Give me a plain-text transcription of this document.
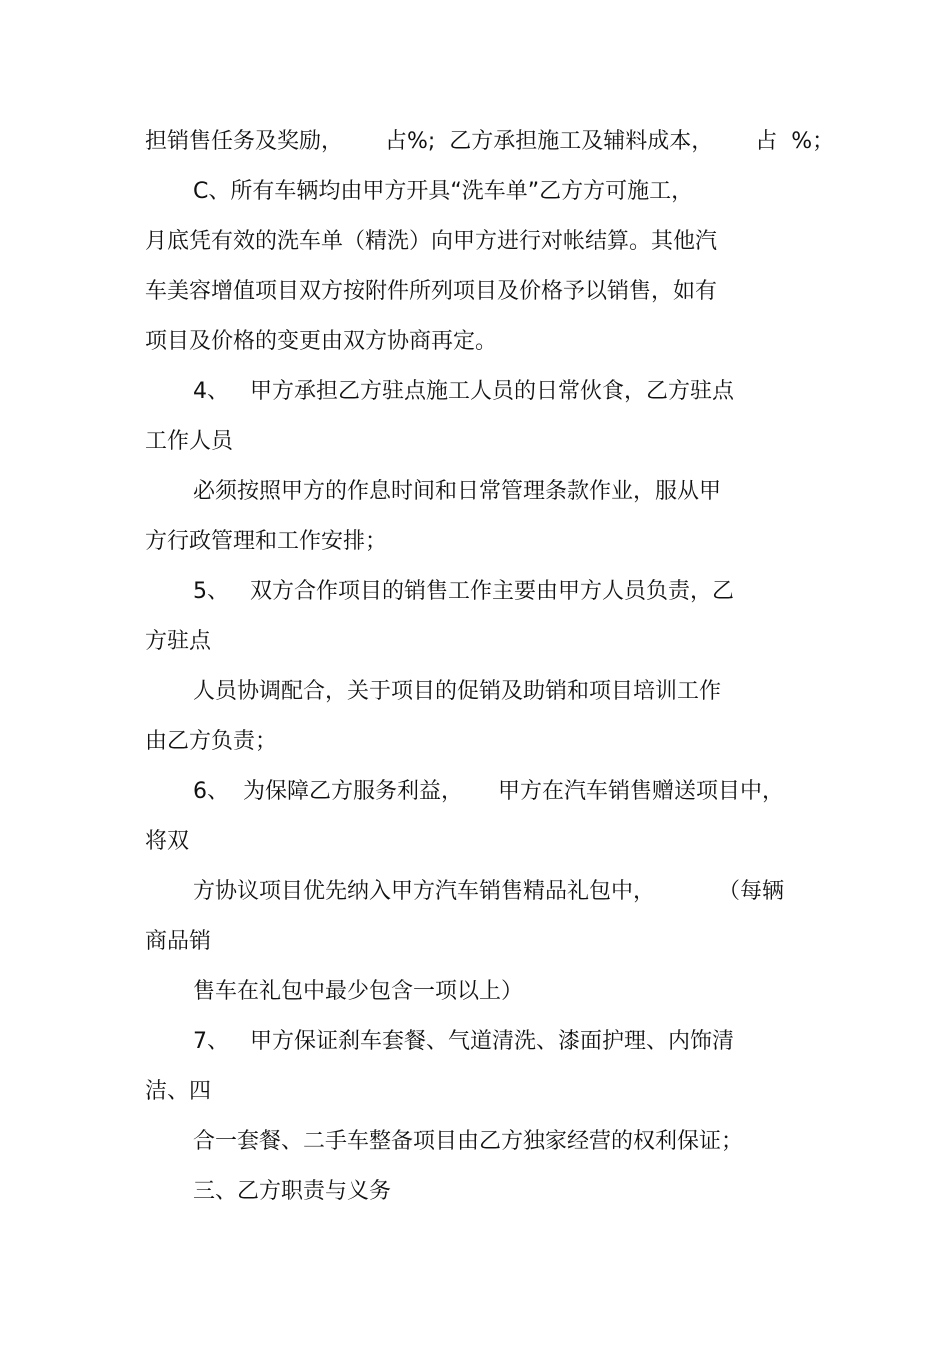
担销售任务及奖励，      占%;  乙方承担施工及辅料成本，      占  %；
C、所有车辆均由甲方开具“洗车单”乙方方可施工，
月底凭有效的洗车单（精洗）向甲方进行对帐结算。其他汽
车美容增值项目双方按附件所列项目及价格予以销售，如有
项目及价格的变更由双方协商再定。
4、   甲方承担乙方驻点施工人员的日常伙食，乙方驻点
工作人员
必须按照甲方的作息时间和日常管理条款作业，服从甲
方行政管理和工作安排；
5、   双方合作项目的销售工作主要由甲方人员负责，乙
方驻点
人员协调配合，关于项目的促销及助销和项目培训工作
由乙方负责；
6、  为保障乙方服务利益，     甲方在汽车销售赠送项目中，
将双
方协议项目优先纳入甲方汽车销售精品礼包中，         （每辆
商品销
售车在礼包中最少包含一项以上）
7、   甲方保证刹车套餐、气道清洗、漆面护理、内饰清
洁、四
合一套餐、二手车整备项目由乙方独家经营的权利保证；
三、乙方职责与义务
